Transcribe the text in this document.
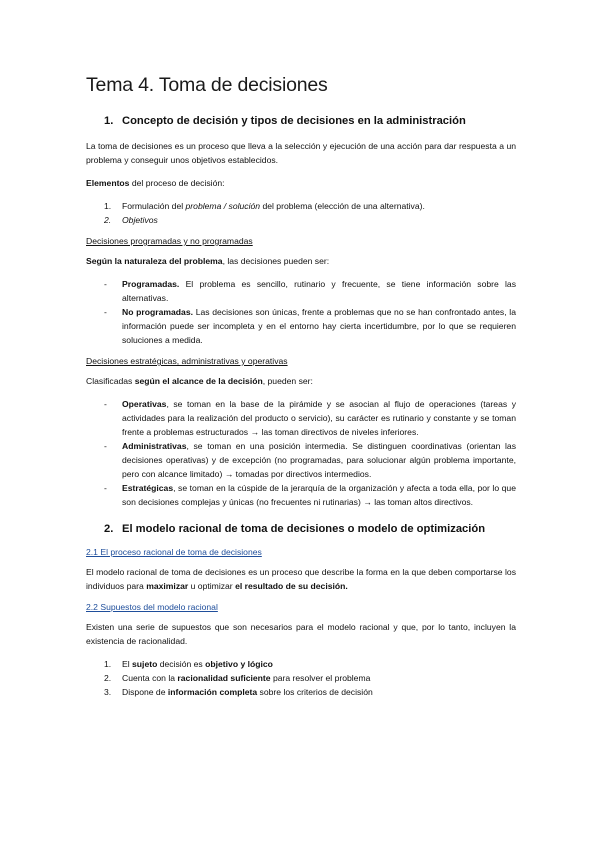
Tema 4. Toma de decisiones
1. Concepto de decisión y tipos de decisiones en la administración

La toma de decisiones es un proceso que lleva a la selección y ejecución de una acción para dar respuesta a un problema y conseguir unos objetivos establecidos.

Elementos del proceso de decisión:

1.	Formulación del problema / solución del problema (elección de una alternativa).
2.	Objetivos
Decisiones programadas y no programadas

Según la naturaleza del problema, las decisiones pueden ser:

-	Programadas. El problema es sencillo, rutinario y frecuente, se tiene información sobre las alternativas.
-	No programadas. Las decisiones son únicas, frente a problemas que no se han confrontado antes, la información puede ser incompleta y en el entorno hay cierta incertidumbre, por lo que se requieren soluciones a medida.
Decisiones estratégicas, administrativas y operativas

Clasificadas según el alcance de la decisión, pueden ser:

-	Operativas, se toman en la base de la pirámide y se asocian al flujo de operaciones (tareas y actividades para la realización del producto o servicio), su carácter es rutinario y constante y se toman frente a problemas estructurados → las toman directivos de niveles inferiores.
-	Administrativas, se toman en una posición intermedia. Se distinguen coordinativas (orientan las decisiones operativas) y de excepción (no programadas, para solucionar algún problema importante, pero con alcance limitado) → tomadas por directivos intermedios.
-	Estratégicas, se toman en la cúspide de la jerarquía de la organización y afecta a toda ella, por lo que son decisiones complejas y únicas (no frecuentes ni rutinarias) → las toman altos directivos.
2. El modelo racional de toma de decisiones o modelo de optimización
2.1 El proceso racional de toma de decisiones

El modelo racional de toma de decisiones es un proceso que describe la forma en la que deben comportarse los individuos para maximizar u optimizar el resultado de su decisión.

2.2 Supuestos del modelo racional

Existen una serie de supuestos que son necesarios para el modelo racional y que, por lo tanto, incluyen la existencia de racionalidad.

1.	El sujeto decisión es objetivo y lógico
2.	Cuenta con la racionalidad suficiente para resolver el problema
3.	Dispone de información completa sobre los criterios de decisión
